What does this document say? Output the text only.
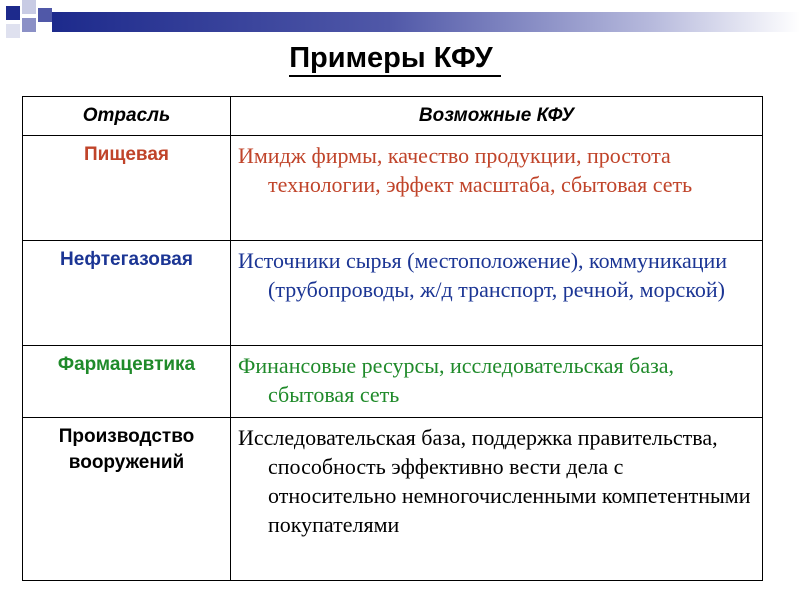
Примеры КФУ
Отрасль	Возможные КФУ
Пищевая	Имидж фирмы, качество продукции, простота технологии, эффект масштаба, сбытовая сеть
Нефтегазовая	Источники сырья (местоположение), коммуникации (трубопроводы, ж/д транспорт, речной, морской)
Фармацевтика	Финансовые ресурсы, исследовательская база, сбытовая сеть
Производство вооружений	Исследовательская база, поддержка правительства, способность эффективно вести дела с относительно немногочисленными компетентными покупателями
